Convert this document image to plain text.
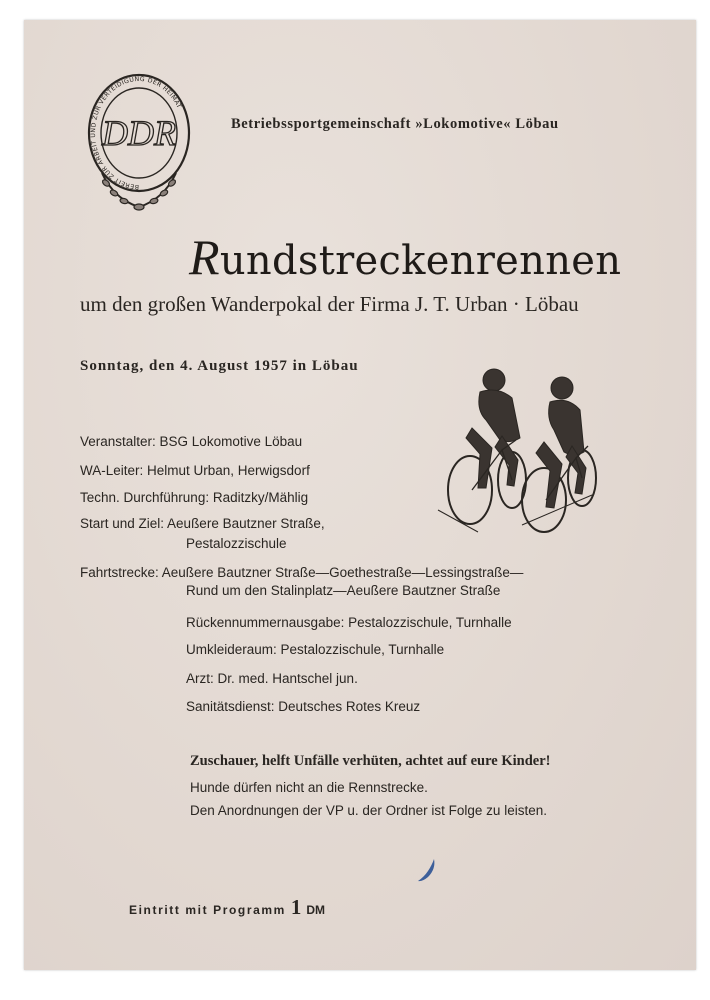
BEREIT ZUR ARBEIT UND ZUR VERTEIDIGUNG DER HEIMAT
DDR	Betriebssportgemeinschaft »Lokomotive« Löbau
Rundstreckenrennen
um den großen Wanderpokal der Firma J. T. Urban · Löbau
Sonntag, den 4. August 1957 in Löbau
Veranstalter: BSG Lokomotive Löbau
WA-Leiter: Helmut Urban, Herwigsdorf
Techn. Durchführung: Raditzky/Mählig
Start und Ziel: Aeußere Bautzner Straße,
Pestalozzischule
Fahrtstrecke: Aeußere Bautzner Straße—Goethestraße—Lessingstraße—
Rund um den Stalinplatz—Aeußere Bautzner Straße
Rückennummernausgabe: Pestalozzischule, Turnhalle
Umkleideraum: Pestalozzischule, Turnhalle
Arzt: Dr. med. Hantschel jun.
Sanitätsdienst: Deutsches Rotes Kreuz
Zuschauer, helft Unfälle verhüten, achtet auf eure Kinder!
Hunde dürfen nicht an die Rennstrecke.
Den Anordnungen der VP u. der Ordner ist Folge zu leisten.
Eintritt mit Programm 1 DM
